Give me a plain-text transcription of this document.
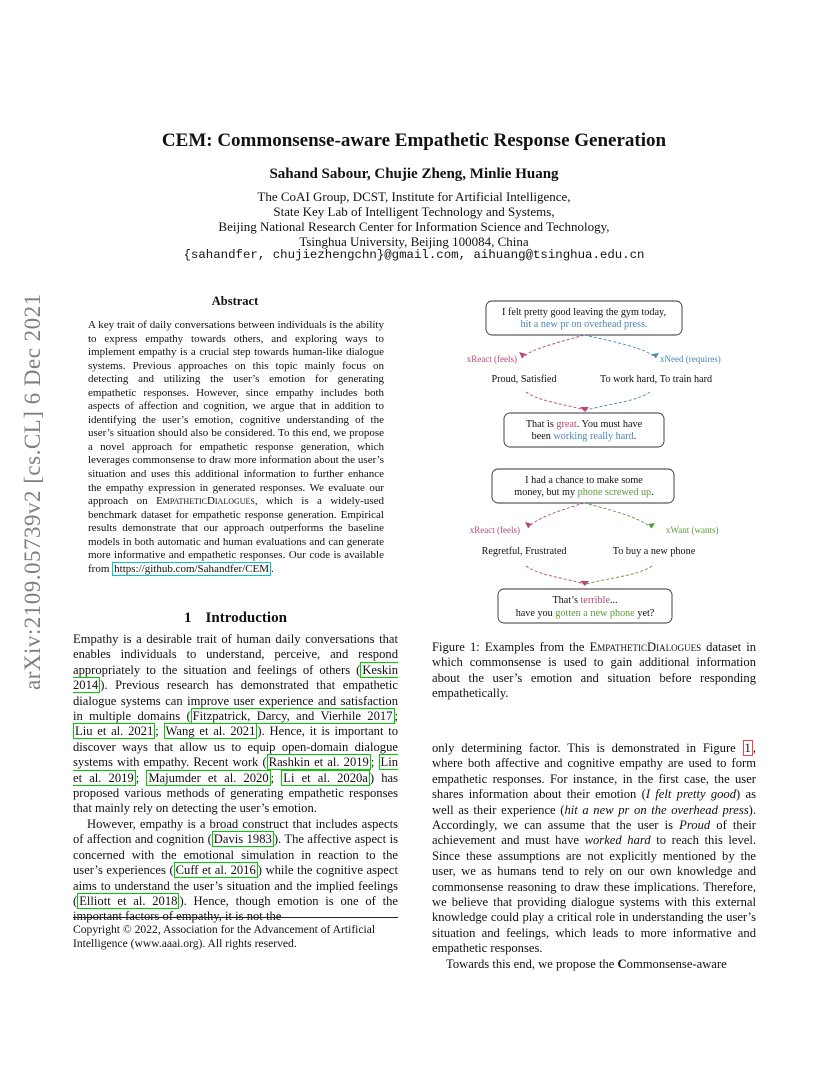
arXiv:2109.05739v2 [cs.CL] 6 Dec 2021
CEM: Commonsense-aware Empathetic Response Generation
Sahand Sabour, Chujie Zheng, Minlie Huang
The CoAI Group, DCST, Institute for Artificial Intelligence,
State Key Lab of Intelligent Technology and Systems,
Beijing National Research Center for Information Science and Technology,
Tsinghua University, Beijing 100084, China
{sahandfer, chujiezhengchn}@gmail.com, aihuang@tsinghua.edu.cn
Abstract
A key trait of daily conversations between individuals is the ability to express empathy towards others, and exploring ways to implement empathy is a crucial step towards human-like dialogue systems. Previous approaches on this topic mainly focus on detecting and utilizing the user’s emotion for generating empathetic responses. However, since empathy includes both aspects of affection and cognition, we argue that in addition to identifying the user’s emotion, cognitive understanding of the user’s situation should also be considered. To this end, we propose a novel approach for empathetic response generation, which leverages commonsense to draw more information about the user’s situation and uses this additional information to further enhance the empathy expression in generated responses. We evaluate our approach on EmpatheticDialogues, which is a widely-used benchmark dataset for empathetic response generation. Empirical results demonstrate that our approach outperforms the baseline models in both automatic and human evaluations and can generate more informative and empathetic responses. Our code is available from https://github.com/Sahandfer/CEM .
1 Introduction

Empathy is a desirable trait of human daily conversations that enables individuals to understand, perceive, and respond appropriately to the situation and feelings of others ( Keskin 2014 ). Previous research has demonstrated that empathetic dialogue systems can improve user experience and satisfaction in multiple domains ( Fitzpatrick, Darcy, and Vierhile 2017 ; Liu et al. 2021 ; Wang et al. 2021 ). Hence, it is important to discover ways that allow us to equip open-domain dialogue systems with empathy. Recent work ( Rashkin et al. 2019 ; Lin et al. 2019 ; Majumder et al. 2020 ; Li et al. 2020a ) has proposed various methods of generating empathetic responses that mainly rely on detecting the user’s emotion.

However, empathy is a broad construct that includes aspects of affection and cognition ( Davis 1983 ). The affective aspect is concerned with the emotional simulation in reaction to the user’s experiences ( Cuff et al. 2016 ) while the cognitive aspect aims to understand the user’s situation and the implied feelings ( Elliott et al. 2018 ). Hence, though emotion is one of the important factors of empathy, it is not the

Copyright © 2022, Association for the Advancement of Artificial Intelligence (www.aaai.org). All rights reserved.
I felt pretty good leaving the gym today,
hit a new pr on overhead press.
xReact (feels)	xNeed (requires)
Proud, Satisfied	To work hard, To train hard
That is great. You must have
been working really hard.
I had a chance to make some
money, but my phone screwed up.
xReact (feels)	xWant (wants)
Regretful, Frustrated	To buy a new phone
That’s terrible...
have you gotten a new phone yet?
Figure 1: Examples from the EmpatheticDialogues dataset in which commonsense is used to gain additional information about the user’s emotion and situation before responding empathetically.

only determining factor. This is demonstrated in Figure 1 , where both affective and cognitive empathy are used to form empathetic responses. For instance, in the first case, the user shares information about their emotion (I felt pretty good) as well as their experience (hit a new pr on the overhead press). Accordingly, we can assume that the user is Proud of their achievement and must have worked hard to reach this level. Since these assumptions are not explicitly mentioned by the user, we as humans tend to rely on our own knowledge and commonsense reasoning to draw these implications. Therefore, we believe that providing dialogue systems with this external knowledge could play a critical role in understanding the user’s situation and feelings, which leads to more informative and empathetic responses.

Towards this end, we propose the Commonsense-aware
